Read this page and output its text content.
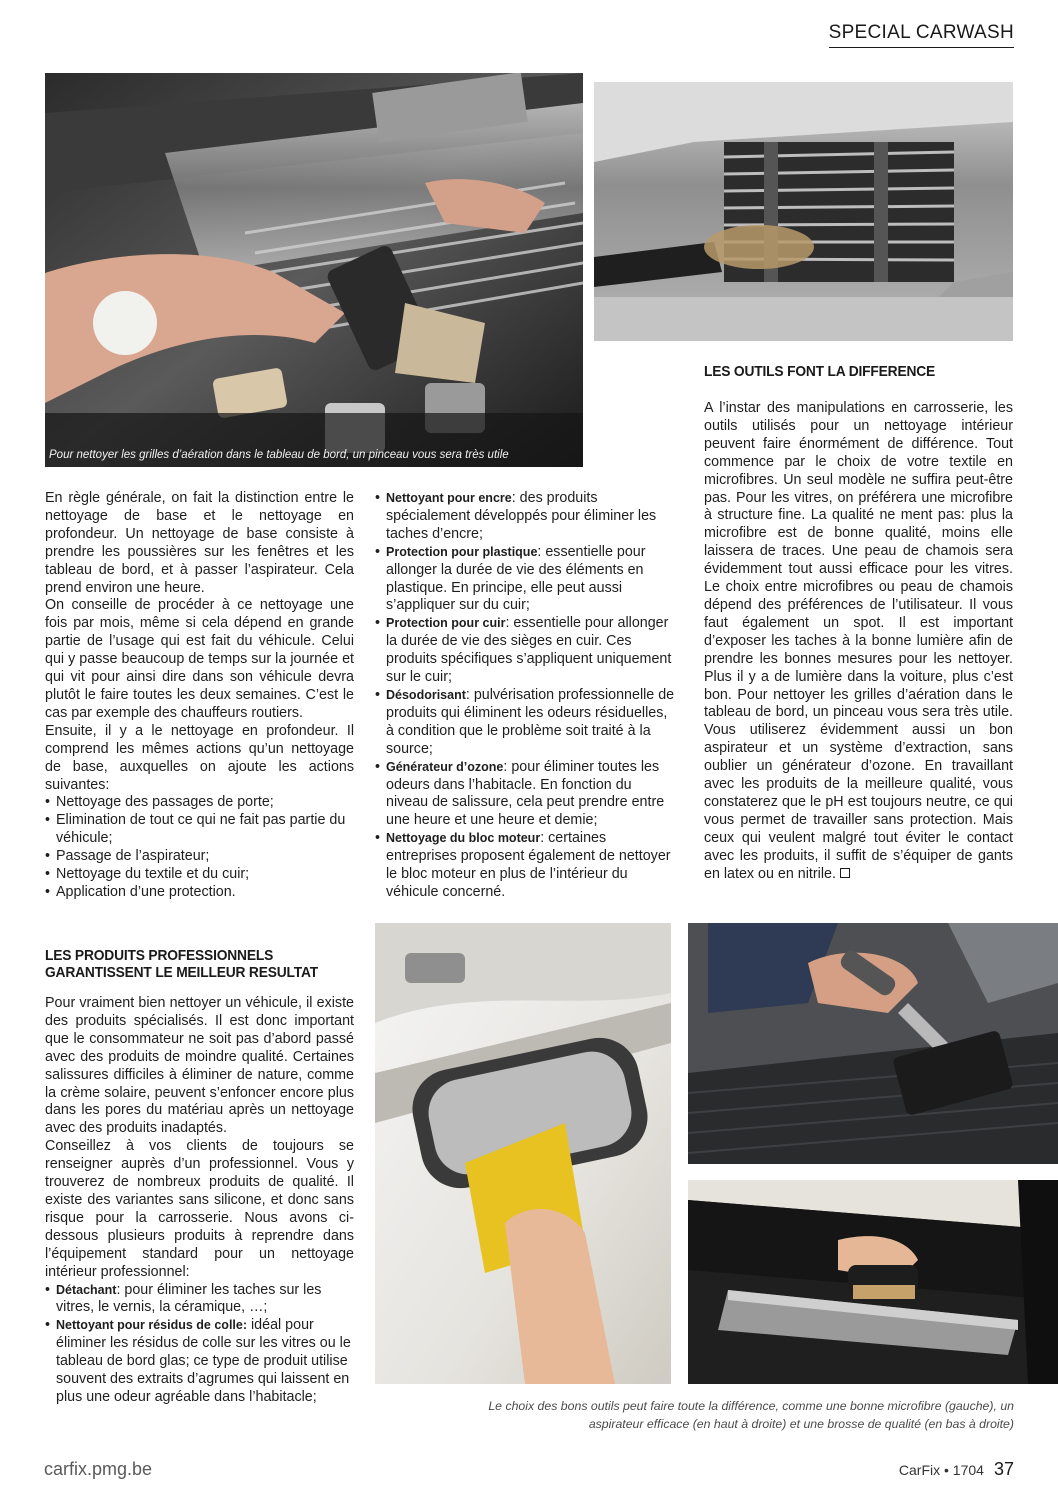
SPECIAL CARWASH
Pour nettoyer les grilles d’aération dans le tableau de bord, un pinceau vous sera très utile

En règle générale, on fait la distinction entre le nettoyage de base et le nettoyage en profondeur. Un nettoyage de base consiste à prendre les poussières sur les fenêtres et les tableau de bord, et à passer l’aspirateur. Cela prend environ une heure.

On conseille de procéder à ce nettoyage une fois par mois, même si cela dépend en grande partie de l’usage qui est fait du véhicule. Celui qui y passe beaucoup de temps sur la journée et qui vit pour ainsi dire dans son véhicule devra plutôt le faire toutes les deux semaines. C’est le cas par exemple des chauffeurs routiers.

Ensuite, il y a le nettoyage en profondeur. Il comprend les mêmes actions qu’un nettoyage de base, auxquelles on ajoute les actions suivantes:

• Nettoyage des passages de porte;
• Elimination de tout ce qui ne fait pas partie du véhicule;
• Passage de l’aspirateur;
• Nettoyage du textile et du cuir;
• Application d’une protection.
LES PRODUITS PROFESSIONNELS GARANTISSENT LE MEILLEUR RESULTAT

Pour vraiment bien nettoyer un véhicule, il existe des produits spécialisés. Il est donc important que le consommateur ne soit pas d’abord passé avec des produits de moindre qualité. Certaines salissures difficiles à éliminer de nature, comme la crème solaire, peuvent s’enfoncer encore plus dans les pores du matériau après un nettoyage avec des produits inadaptés.

Conseillez à vos clients de toujours se renseigner auprès d’un professionnel. Vous y trouverez de nombreux produits de qualité. Il existe des variantes sans silicone, et donc sans risque pour la carrosserie. Nous avons ci-dessous plusieurs produits à reprendre dans l’équipement standard pour un nettoyage intérieur professionnel:

• Détachant: pour éliminer les taches sur les vitres, le vernis, la céramique, …;
• Nettoyant pour résidus de colle: idéal pour éliminer les résidus de colle sur les vitres ou le tableau de bord glas; ce type de produit utilise souvent des extraits d’agrumes qui laissent en plus une odeur agréable dans l’habitacle;
• Nettoyant pour encre: des produits spécialement développés pour éliminer les taches d’encre;
• Protection pour plastique: essentielle pour allonger la durée de vie des éléments en plastique. En principe, elle peut aussi s’appliquer sur du cuir;
• Protection pour cuir: essentielle pour allonger la durée de vie des sièges en cuir. Ces produits spécifiques s’appliquent uniquement sur le cuir;
• Désodorisant: pulvérisation professionnelle de produits qui éliminent les odeurs résiduelles, à condition que le problème soit traité à la source;
• Générateur d’ozone: pour éliminer toutes les odeurs dans l’habitacle. En fonction du niveau de salissure, cela peut prendre entre une heure et une heure et demie;
• Nettoyage du bloc moteur: certaines entreprises proposent également de nettoyer le bloc moteur en plus de l’intérieur du véhicule concerné.
LES OUTILS FONT LA DIFFERENCE

A l’instar des manipulations en carrosserie, les outils utilisés pour un nettoyage intérieur peuvent faire énormément de différence. Tout commence par le choix de votre textile en microfibres. Un seul modèle ne suffira peut-être pas. Pour les vitres, on préférera une microfibre à structure fine. La qualité ne ment pas: plus la microfibre est de bonne qualité, moins elle laissera de traces. Une peau de chamois sera évidemment tout aussi efficace pour les vitres. Le choix entre microfibres ou peau de chamois dépend des préférences de l’utilisateur. Il vous faut également un spot. Il est important d’exposer les taches à la bonne lumière afin de prendre les bonnes mesures pour les nettoyer. Plus il y a de lumière dans la voiture, plus c’est bon. Pour nettoyer les grilles d’aération dans le tableau de bord, un pinceau vous sera très utile. Vous utiliserez évidemment aussi un bon aspirateur et un système d’extraction, sans oublier un générateur d’ozone. En travaillant avec les produits de la meilleure qualité, vous constaterez que le pH est toujours neutre, ce qui vous permet de travailler sans protection. Mais ceux qui veulent malgré tout éviter le contact avec les produits, il suffit de s’équiper de gants en latex ou en nitrile.

Le choix des bons outils peut faire toute la différence, comme une bonne microfibre (gauche), un aspirateur efficace (en haut à droite) et une brosse de qualité (en bas à droite)
carfix.pmg.be	CarFix • 1704 37
